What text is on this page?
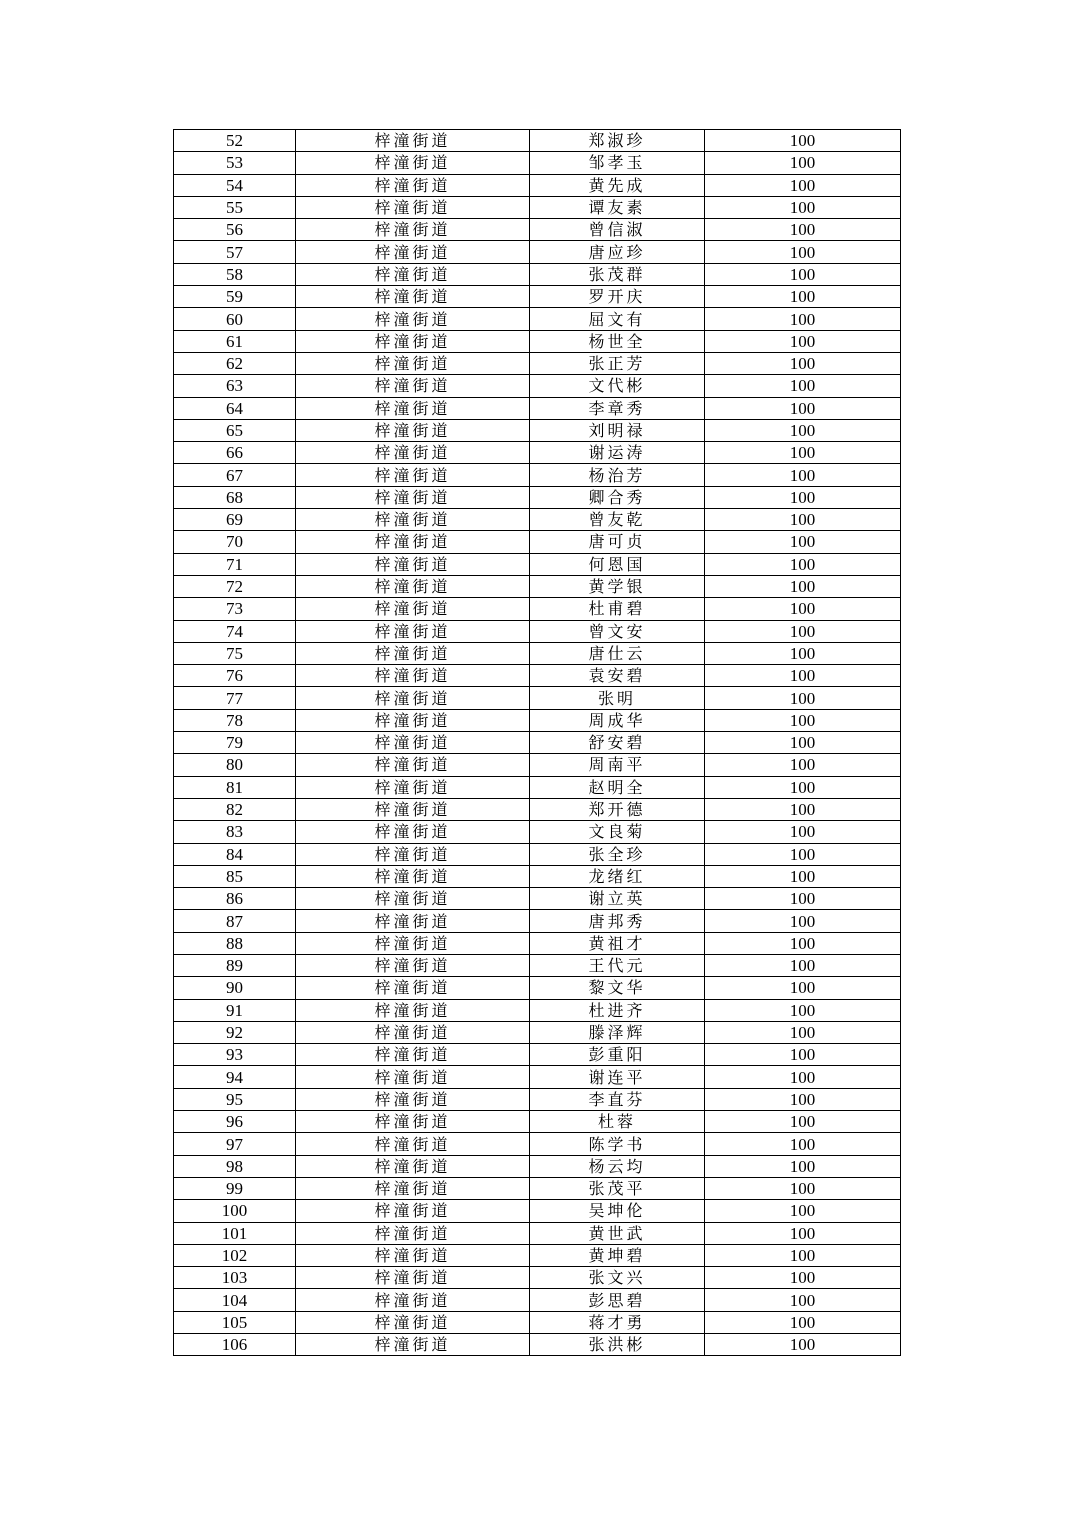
52	梓潼街道	郑淑珍	100
53	梓潼街道	邹孝玉	100
54	梓潼街道	黄先成	100
55	梓潼街道	谭友素	100
56	梓潼街道	曾信淑	100
57	梓潼街道	唐应珍	100
58	梓潼街道	张茂群	100
59	梓潼街道	罗开庆	100
60	梓潼街道	屈文有	100
61	梓潼街道	杨世全	100
62	梓潼街道	张正芳	100
63	梓潼街道	文代彬	100
64	梓潼街道	李章秀	100
65	梓潼街道	刘明禄	100
66	梓潼街道	谢运涛	100
67	梓潼街道	杨治芳	100
68	梓潼街道	卿合秀	100
69	梓潼街道	曾友乾	100
70	梓潼街道	唐可贞	100
71	梓潼街道	何恩国	100
72	梓潼街道	黄学银	100
73	梓潼街道	杜甫碧	100
74	梓潼街道	曾文安	100
75	梓潼街道	唐仕云	100
76	梓潼街道	袁安碧	100
77	梓潼街道	张明	100
78	梓潼街道	周成华	100
79	梓潼街道	舒安碧	100
80	梓潼街道	周南平	100
81	梓潼街道	赵明全	100
82	梓潼街道	郑开德	100
83	梓潼街道	文良菊	100
84	梓潼街道	张全珍	100
85	梓潼街道	龙绪红	100
86	梓潼街道	谢立英	100
87	梓潼街道	唐邦秀	100
88	梓潼街道	黄祖才	100
89	梓潼街道	王代元	100
90	梓潼街道	黎文华	100
91	梓潼街道	杜进齐	100
92	梓潼街道	滕泽辉	100
93	梓潼街道	彭重阳	100
94	梓潼街道	谢连平	100
95	梓潼街道	李直芬	100
96	梓潼街道	杜蓉	100
97	梓潼街道	陈学书	100
98	梓潼街道	杨云均	100
99	梓潼街道	张茂平	100
100	梓潼街道	吴坤伦	100
101	梓潼街道	黄世武	100
102	梓潼街道	黄坤碧	100
103	梓潼街道	张文兴	100
104	梓潼街道	彭思碧	100
105	梓潼街道	蒋才勇	100
106	梓潼街道	张洪彬	100
